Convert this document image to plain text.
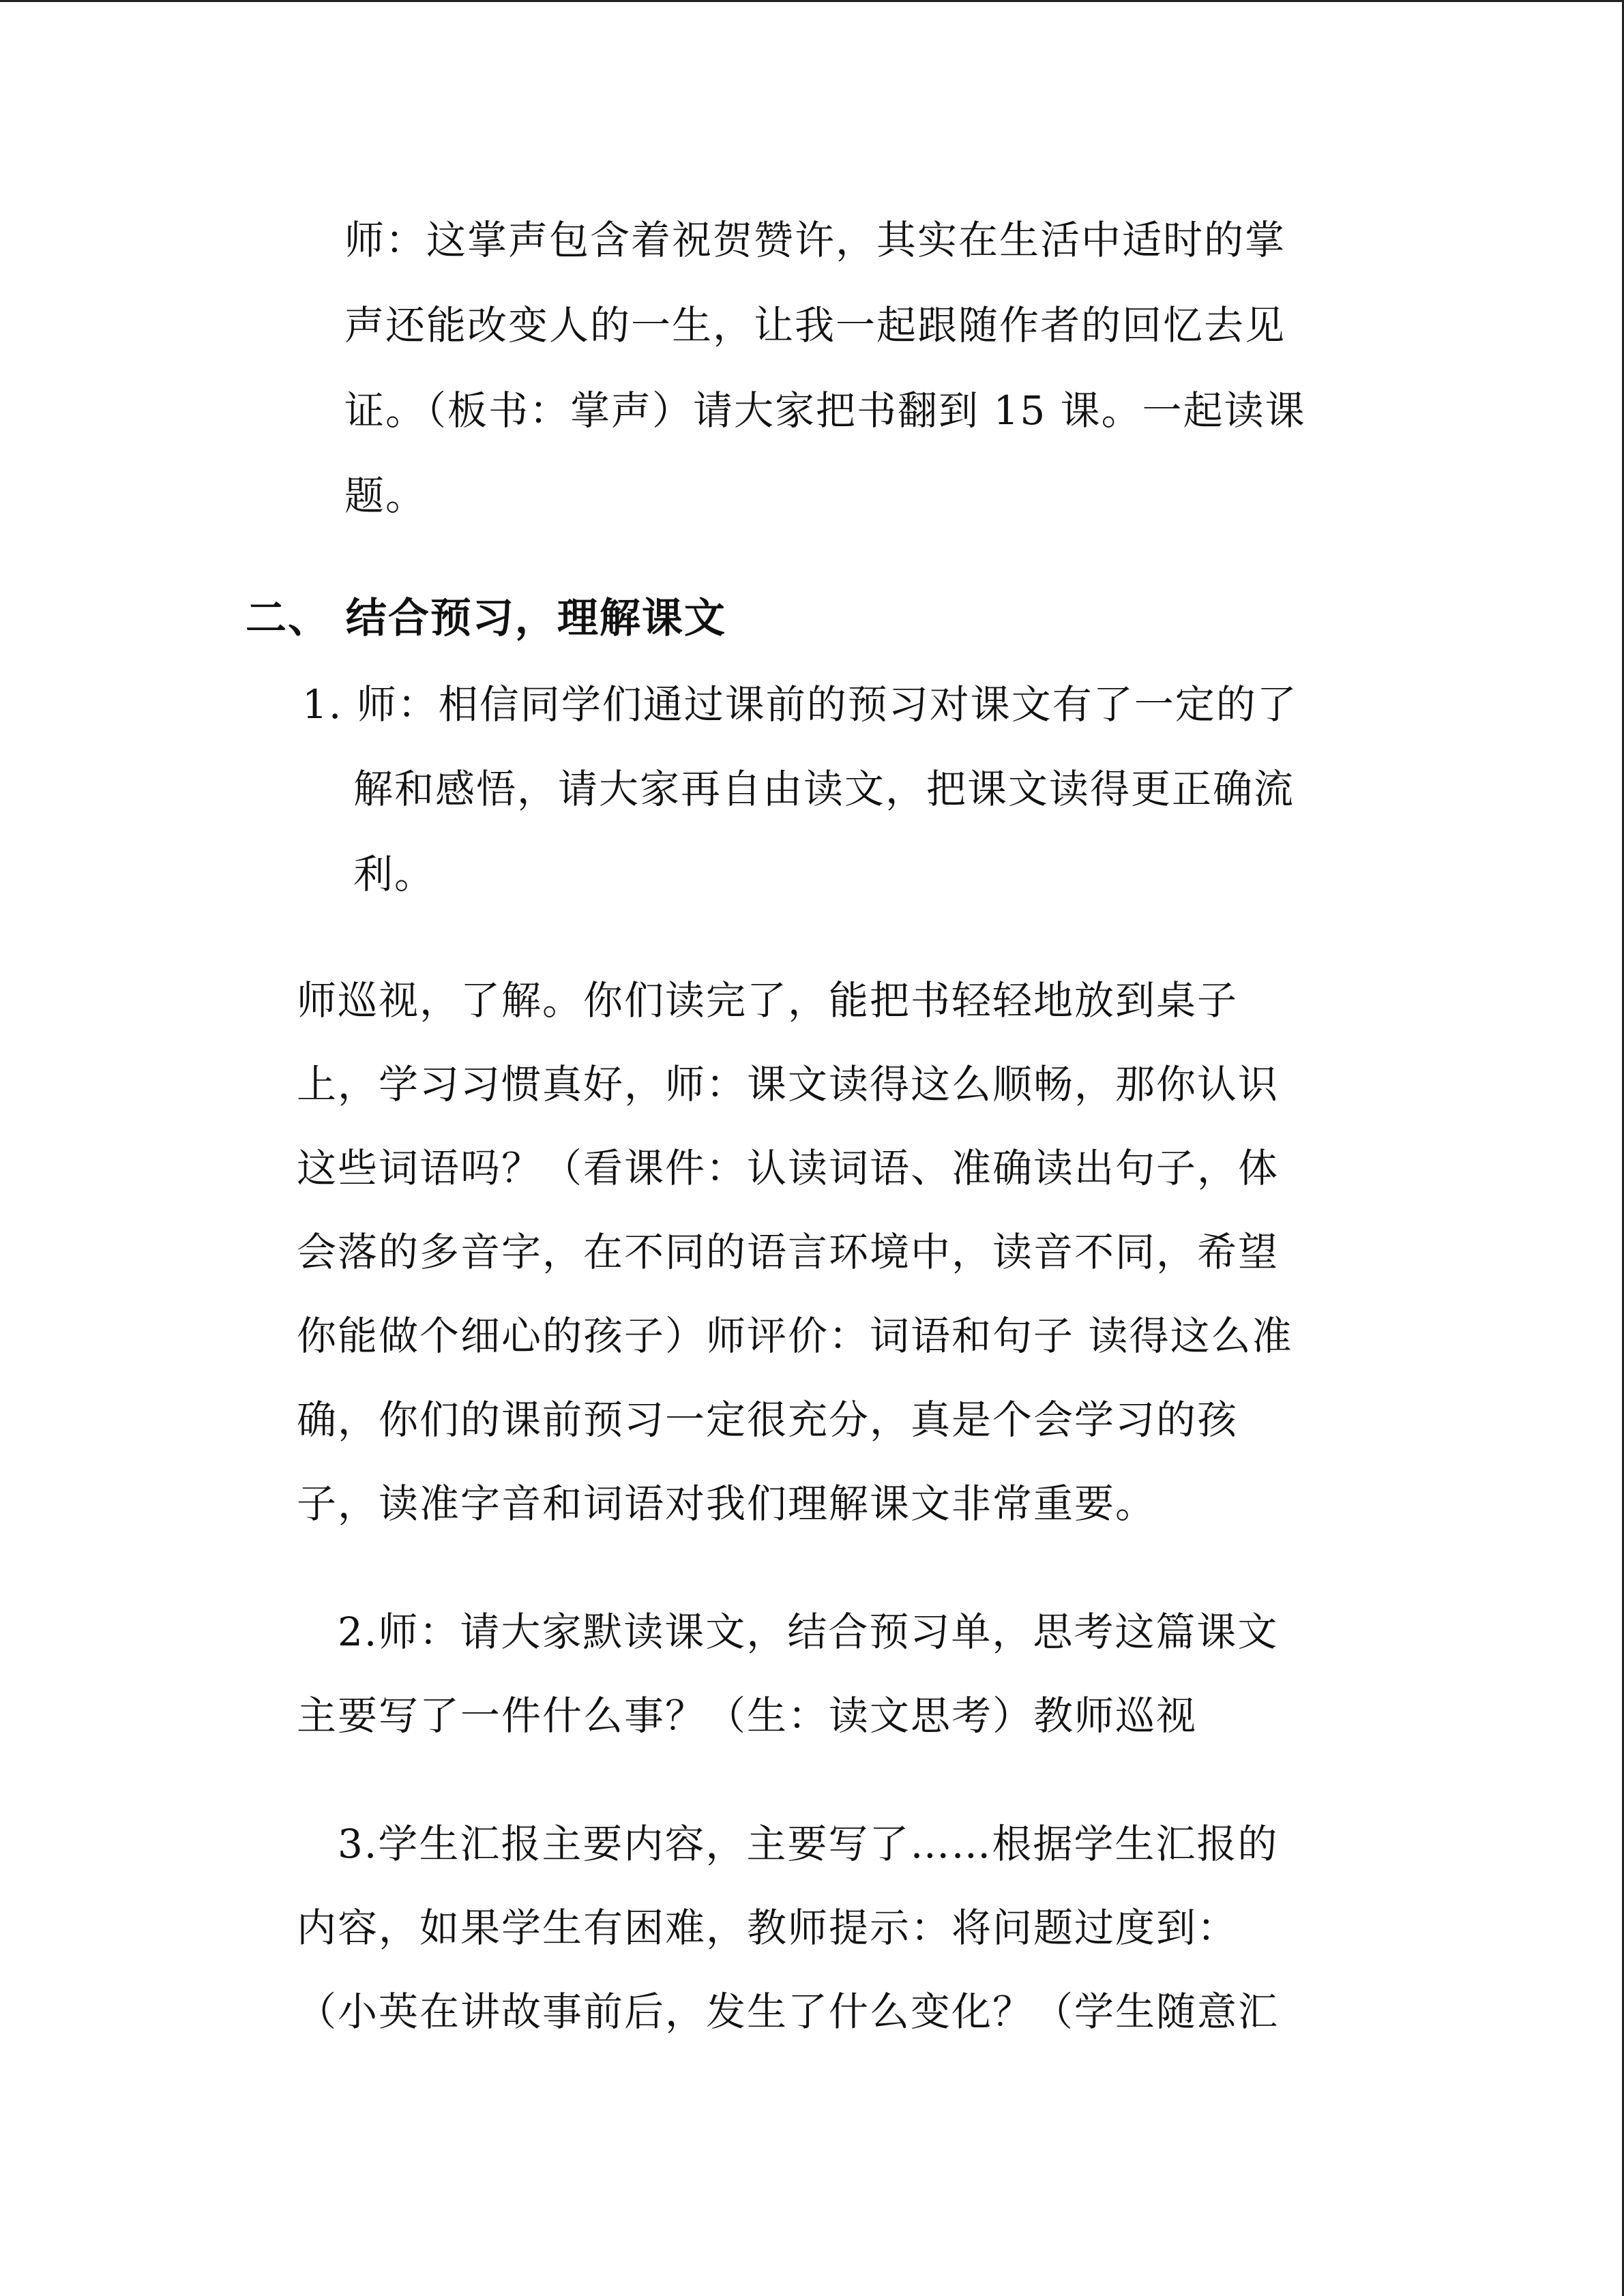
师：这掌声包含着祝贺赞许，其实在生活中适时的掌
声还能改变人的一生，让我一起跟随作者的回忆去见
证。（板书：掌声）请大家把书翻到 15 课。一起读课
题。
二、 结合预习，理解课文
1. 师：相信同学们通过课前的预习对课文有了一定的了
解和感悟，请大家再自由读文，把课文读得更正确流
利。
师巡视，了解。你们读完了，能把书轻轻地放到桌子
上，学习习惯真好，师：课文读得这么顺畅，那你认识
这些词语吗？（看课件：认读词语、准确读出句子，体
会落的多音字，在不同的语言环境中，读音不同，希望
你能做个细心的孩子）师评价：词语和句子 读得这么准
确，你们的课前预习一定很充分，真是个会学习的孩
子，读准字音和词语对我们理解课文非常重要。
2.师：请大家默读课文，结合预习单，思考这篇课文
主要写了一件什么事？（生：读文思考）教师巡视
3.学生汇报主要内容，主要写了……根据学生汇报的
内容，如果学生有困难，教师提示：将问题过度到：
（小英在讲故事前后，发生了什么变化？（学生随意汇
